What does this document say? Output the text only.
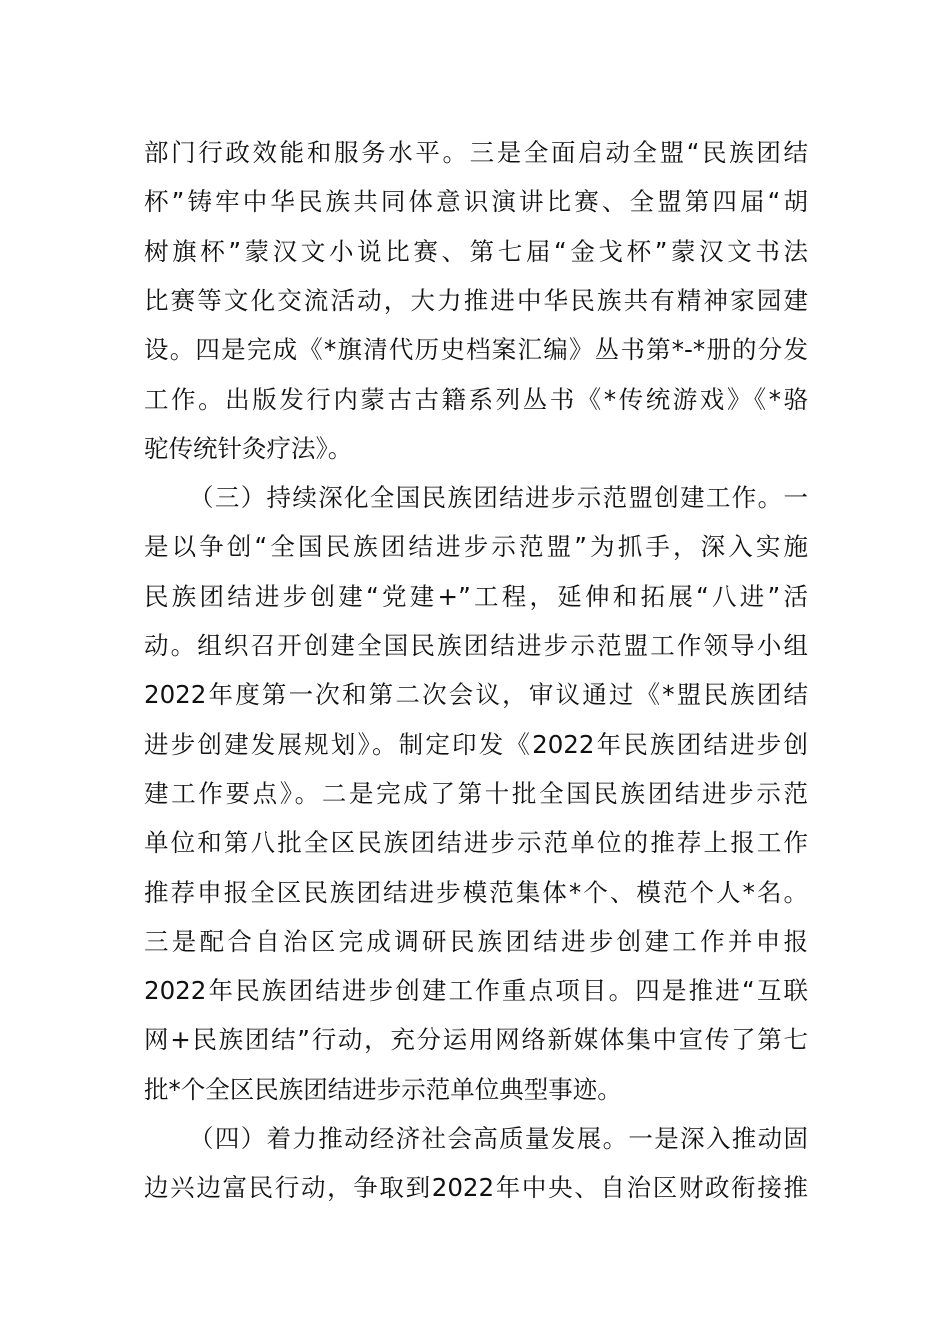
部门行政效能和服务水平。三是全面启动全盟“民族团结
杯”铸牢中华民族共同体意识演讲比赛、全盟第四届“胡
树旗杯”蒙汉文小说比赛、第七届“金戈杯”蒙汉文书法
比赛等文化交流活动，大力推进中华民族共有精神家园建
设。四是完成《*旗清代历史档案汇编》丛书第*-*册的分发
工作。出版发行内蒙古古籍系列丛书《*传统游戏》《*骆
驼传统针灸疗法》。
（三）持续深化全国民族团结进步示范盟创建工作。一
是以争创“全国民族团结进步示范盟”为抓手，深入实施
民族团结进步创建“党建+”工程，延伸和拓展“八进”活
动。组织召开创建全国民族团结进步示范盟工作领导小组
2022年度第一次和第二次会议，审议通过《*盟民族团结
进步创建发展规划》。制定印发《2022年民族团结进步创
建工作要点》。二是完成了第十批全国民族团结进步示范
单位和第八批全区民族团结进步示范单位的推荐上报工作
推荐申报全区民族团结进步模范集体*个、模范个人*名。
三是配合自治区完成调研民族团结进步创建工作并申报
2022年民族团结进步创建工作重点项目。四是推进“互联
网+民族团结”行动，充分运用网络新媒体集中宣传了第七
批*个全区民族团结进步示范单位典型事迹。
（四）着力推动经济社会高质量发展。一是深入推动固
边兴边富民行动，争取到2022年中央、自治区财政衔接推
